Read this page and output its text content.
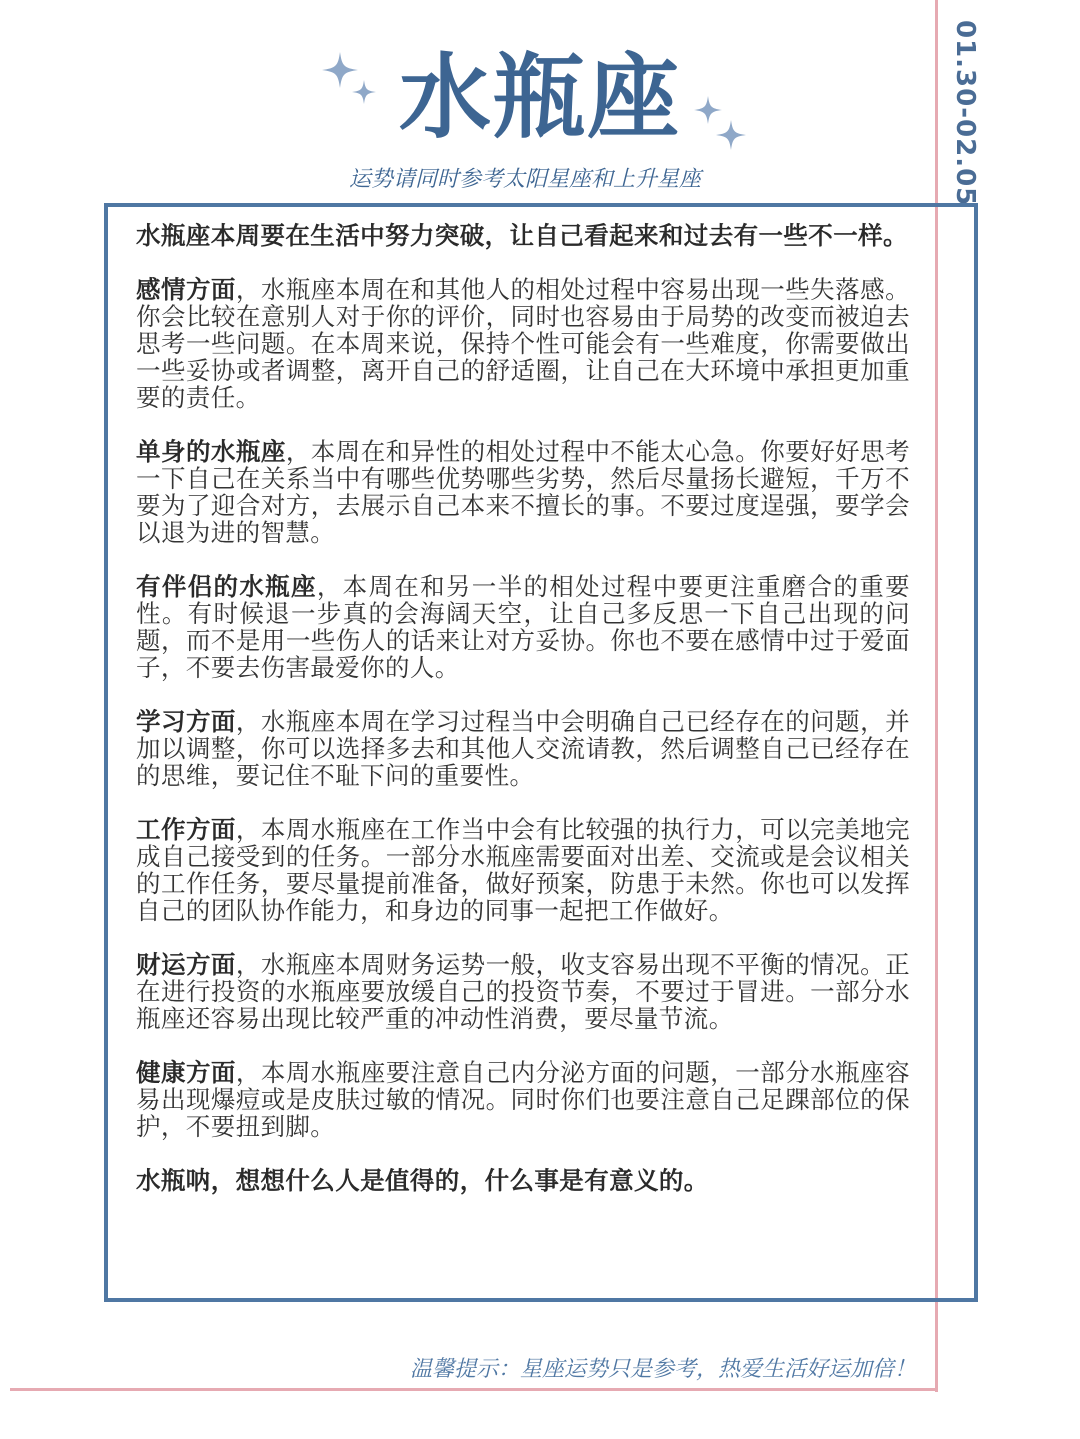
01.30-02.05
水瓶座
运势请同时参考太阳星座和上升星座

水瓶座本周要在生活中努力突破，让自己看起来和过去有一些不一样。

感情方面，水瓶座本周在和其他人的相处过程中容易出现一些失落感。你会比较在意别人对于你的评价，同时也容易由于局势的改变而被迫去思考一些问题。在本周来说，保持个性可能会有一些难度，你需要做出一些妥协或者调整，离开自己的舒适圈，让自己在大环境中承担更加重要的责任。

单身的水瓶座，本周在和异性的相处过程中不能太心急。你要好好思考一下自己在关系当中有哪些优势哪些劣势，然后尽量扬长避短，千万不要为了迎合对方，去展示自己本来不擅长的事。不要过度逞强，要学会以退为进的智慧。

有伴侣的水瓶座，本周在和另一半的相处过程中要更注重磨合的重要性。有时候退一步真的会海阔天空，让自己多反思一下自己出现的问题，而不是用一些伤人的话来让对方妥协。你也不要在感情中过于爱面子，不要去伤害最爱你的人。

学习方面，水瓶座本周在学习过程当中会明确自己已经存在的问题，并加以调整，你可以选择多去和其他人交流请教，然后调整自己已经存在的思维，要记住不耻下问的重要性。

工作方面，本周水瓶座在工作当中会有比较强的执行力，可以完美地完成自己接受到的任务。一部分水瓶座需要面对出差、交流或是会议相关的工作任务，要尽量提前准备，做好预案，防患于未然。你也可以发挥自己的团队协作能力，和身边的同事一起把工作做好。

财运方面，水瓶座本周财务运势一般，收支容易出现不平衡的情况。正在进行投资的水瓶座要放缓自己的投资节奏，不要过于冒进。一部分水瓶座还容易出现比较严重的冲动性消费，要尽量节流。

健康方面，本周水瓶座要注意自己内分泌方面的问题，一部分水瓶座容易出现爆痘或是皮肤过敏的情况。同时你们也要注意自己足踝部位的保护，不要扭到脚。

水瓶呐，想想什么人是值得的，什么事是有意义的。

温馨提示：星座运势只是参考，热爱生活好运加倍！
